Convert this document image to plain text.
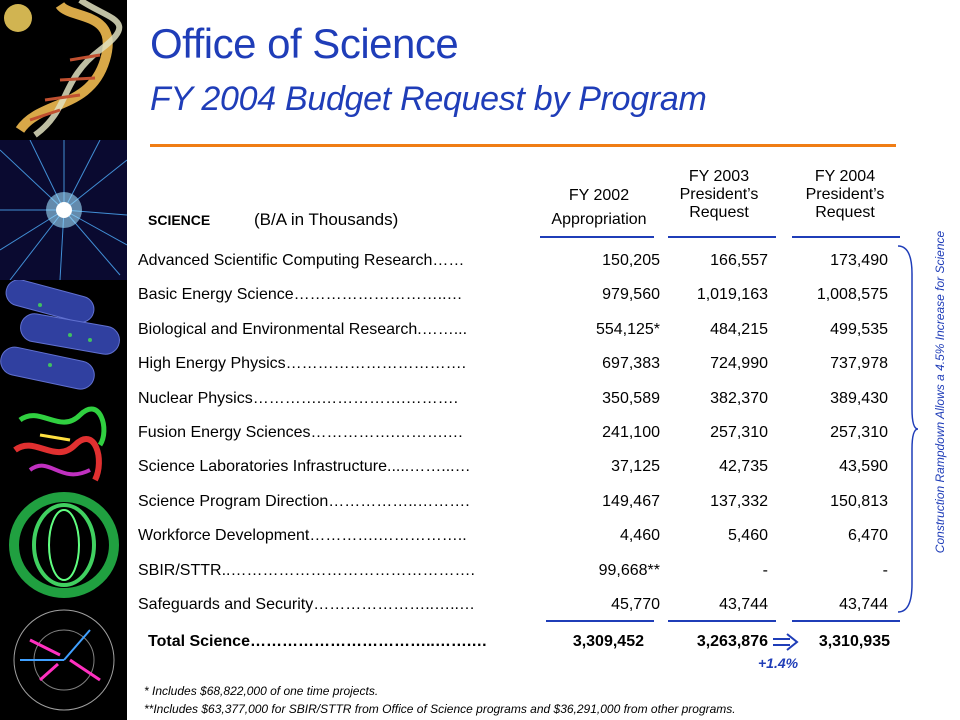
Office of Science
FY 2004 Budget Request by Program
FY 2002
Appropriation
FY 2003
President’s
Request
FY 2004
President’s
Request
SCIENCE	(B/A in Thousands)
Advanced Scientific Computing Research……	150,205	166,557	173,490
Basic Energy Science………………………..…	979,560	1,019,163	1,008,575
Biological and Environmental Research.……...	554,125*	484,215	499,535
High Energy Physics…………………………….	697,383	724,990	737,978
Nuclear Physics………….…………….……….	350,589	382,370	389,430
Fusion Energy Sciences…………….……….…	241,100	257,310	257,310
Science Laboratories Infrastructure.....……...…	37,125	42,735	43,590
Science Program Direction……………..……….	149,467	137,332	150,813
Workforce Development………….……………..	4,460	5,460	6,470
SBIR/STTR..……………………………………….	99,668**	-	-
Safeguards and Security…………………..…..…	45,770	43,744	43,744
Total Science……………………………..…….…	3,309,452	3,263,876	3,310,935
+1.4%
* Includes $68,822,000 of one time projects.
**Includes $63,377,000 for SBIR/STTR from Office of Science programs and $36,291,000 from other programs.
Construction Rampdown Allows a 4.5% Increase for Science
